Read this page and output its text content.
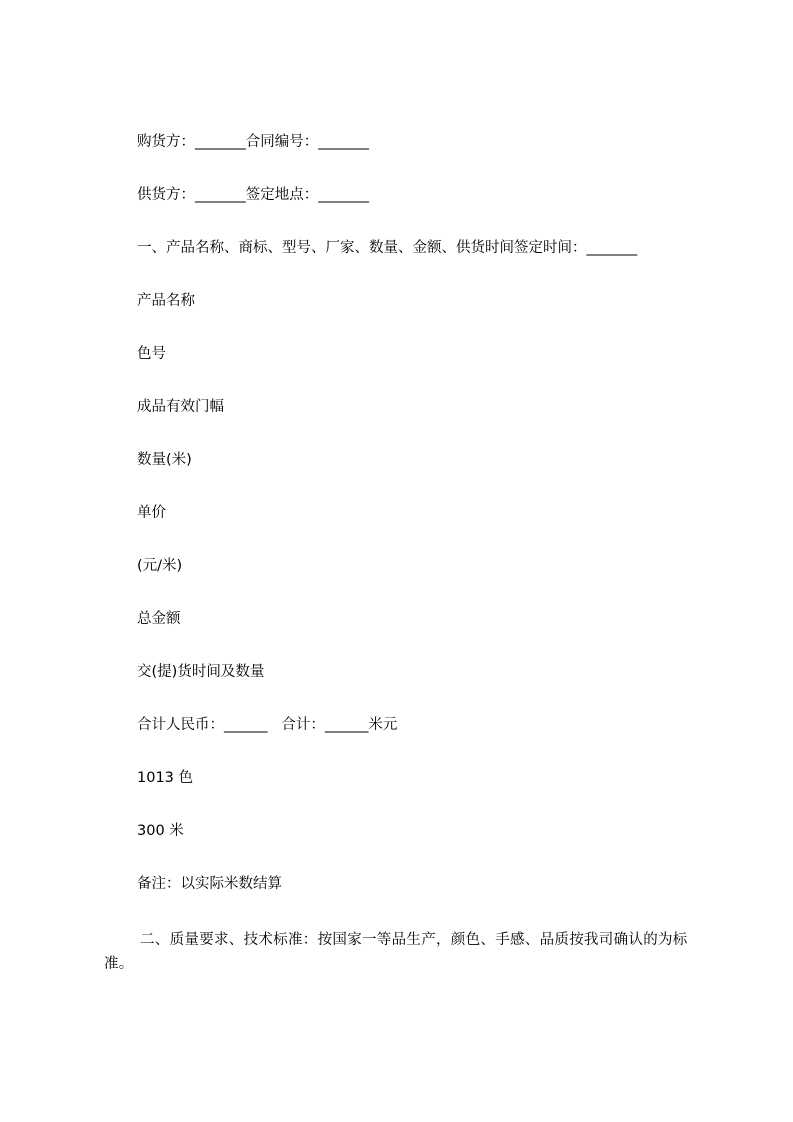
购货方：_______合同编号：_______
供货方：_______签定地点：_______
一、产品名称、商标、型号、厂家、数量、金额、供货时间签定时间：_______
产品名称
色号
成品有效门幅
数量(米)
单价
(元/米)
总金额
交(提)货时间及数量
合计人民币：______   合计：______米元
1013 色
300 米
备注：以实际米数结算
二、质量要求、技术标准：按国家一等品生产，颜色、手感、品质按我司确认的为标准。
